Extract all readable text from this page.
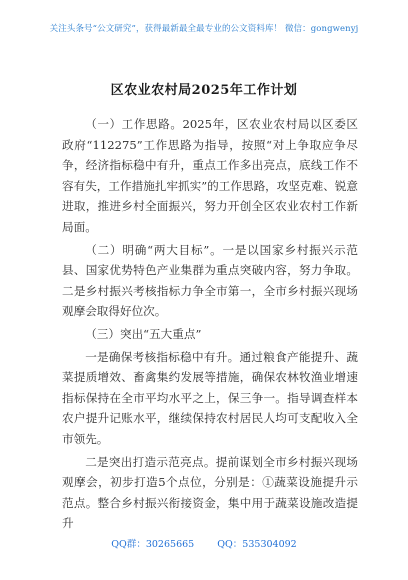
关注头条号“公文研究”，获得最新最全最专业的公文资料库！ 微信：gongwenyj
区农业农村局2025年工作计划

（一）工作思路。2025年，区农业农村局以区委区政府“112275”工作思路为指导，按照“对上争取应争尽争，经济指标稳中有升，重点工作多出亮点，底线工作不容有失，工作措施扎牢抓实”的工作思路，攻坚克难、锐意进取，推进乡村全面振兴，努力开创全区农业农村工作新局面。

（二）明确“两大目标”。一是以国家乡村振兴示范县、国家优势特色产业集群为重点突破内容，努力争取。二是乡村振兴考核指标力争全市第一，全市乡村振兴现场观摩会取得好位次。

（三）突出“五大重点”

一是确保考核指标稳中有升。通过粮食产能提升、蔬菜提质增效、畜禽集约发展等措施，确保农林牧渔业增速指标保持在全市平均水平之上，保三争一。指导调查样本农户提升记账水平，继续保持农村居民人均可支配收入全市领先。

二是突出打造示范亮点。提前谋划全市乡村振兴现场观摩会，初步打造5个点位，分别是：①蔬菜设施提升示范点。整合乡村振兴衔接资金，集中用于蔬菜设施改造提升

QQ群：30265665 QQ：535304092
